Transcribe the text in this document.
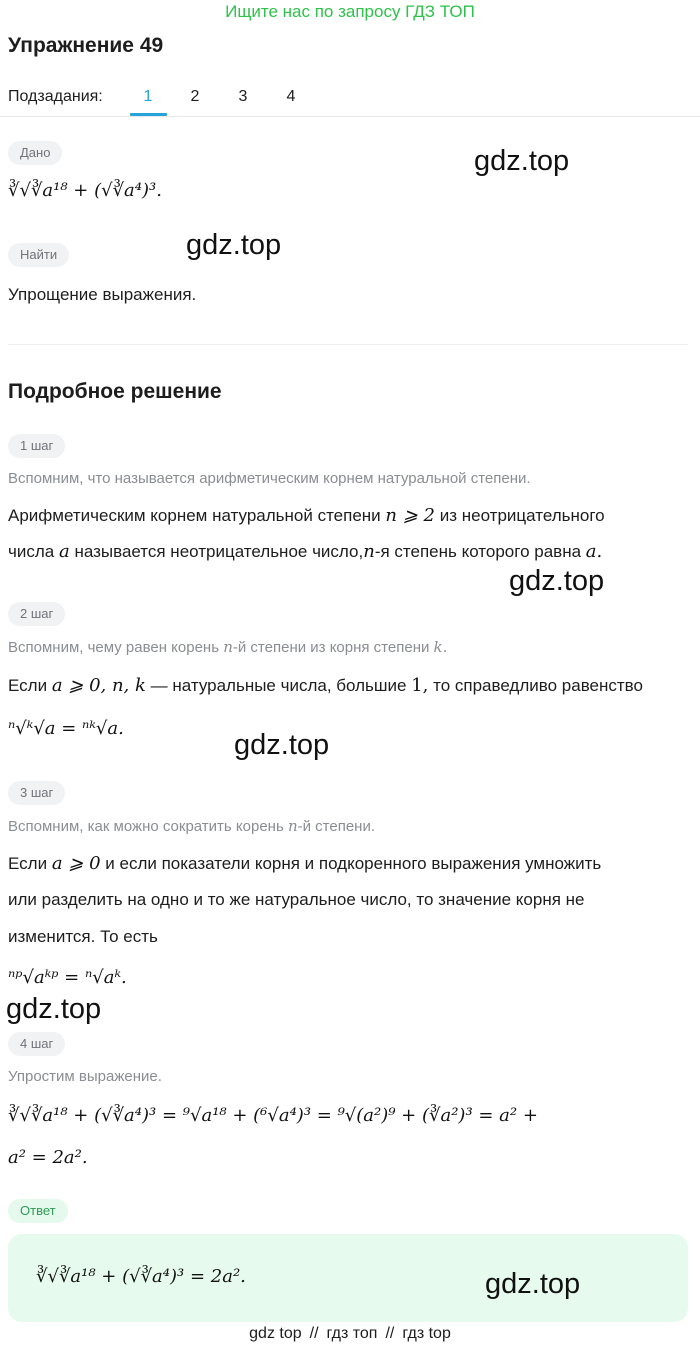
Ищите нас по запросу ГДЗ ТОП
Упражнение 49
Подзадания:	1	2	3	4
Дано
∛√∛a¹⁸ + (√∛a⁴)³.
Найти
Упрощение выражения.
Подробное решение
1 шаг
Вспомним, что называется арифметическим корнем натуральной степени.
Арифметическим корнем натуральной степени n ⩾ 2 из неотрицательного
числа a называется неотрицательное число,n-я степень которого равна a.
2 шаг
Вспомним, чему равен корень n-й степени из корня степени k.
Если a ⩾ 0, n, k — натуральные числа, большие 1, то справедливо равенство
ⁿ√ᵏ√a = ⁿᵏ√a.
3 шаг
Вспомним, как можно сократить корень n-й степени.
Если a ⩾ 0 и если показатели корня и подкоренного выражения умножить
или разделить на одно и то же натуральное число, то значение корня не
изменится. То есть
ⁿᵖ√aᵏᵖ = ⁿ√aᵏ.
4 шаг
Упростим выражение.
∛√∛a¹⁸ + (√∛a⁴)³ = ⁹√a¹⁸ + (⁶√a⁴)³ = ⁹√(a²)⁹ + (∛a²)³ = a² +
a² = 2a².
Ответ
∛√∛a¹⁸ + (√∛a⁴)³ = 2a².
gdz.top
gdz.top
gdz.top
gdz.top
gdz.top
gdz.top
gdz top // гдз топ // гдз top
